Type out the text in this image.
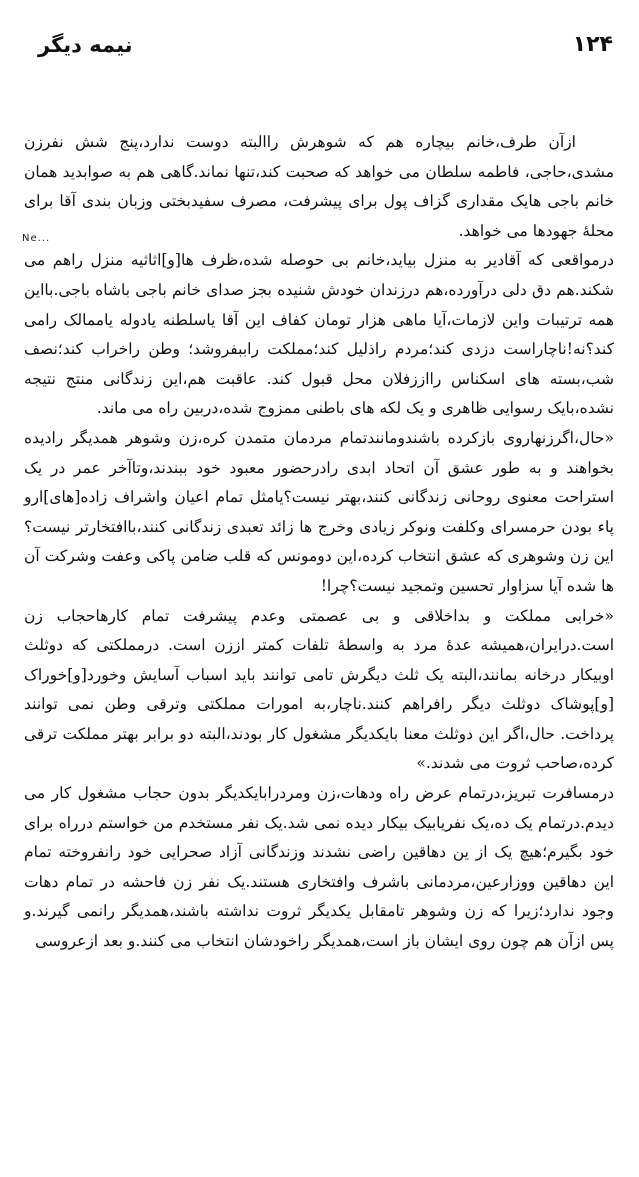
۱۲۴
نیمه دیگر
Ne...

ازآن طرف،خانم بیچاره هم که شوهرش راالبته دوست ندارد،پنج شش نفرزن مشدی،حاجی، فاطمه سلطان می خواهد که صحبت کند،تنها نماند.گاهی هم به صوابدید همان خانم باجی هایک مقداری گزاف پول برای پیشرفت، مصرف سفیدبختی وزبان بندی آقا برای محلهٔ جهودها می خواهد.

درمواقعی که آقادیر به منزل بیاید،خانم بی حوصله شده،ظرف ها[و]اثاثیه منزل راهم می شکند.هم دق دلی درآورده،هم درزندان خودش شنیده بجز صدای خانم باجی باشاه باجی.بااین همه ترتیبات واین لازمات،آیا ماهی هزار تومان کفاف این آقا یاسلطنه یادوله یاممالک رامی کند؟نه!ناچاراست دزدی کند؛مردم راذلیل کند؛مملکت راببفروشد؛ وطن راخراب کند؛نصف شب،بسته های اسکناس رااززفلان محل قبول کند. عاقبت هم،این زندگانی منتج نتیجه نشده،بایک رسوایی ظاهری و یک لکه های باطنی ممزوج شده،دربین راه می ماند.

«حال،اگرزنهاروی بازکرده باشندومانندتمام مردمان متمدن کره،زن وشوهر همدیگر رادیده بخواهند و به طور عشق آن اتحاد ابدی رادرحضور معبود خود ببندند،وتاآخر عمر در یک استراحت معنوی روحانی زندگانی کنند،بهتر نیست؟یامثل تمام اعیان واشراف زاده[های]ارو پاء بودن حرمسرای وکلفت ونوکر زیادی وخرج ها زائد تعبدی زندگانی کنند،باافتخارتر نیست؟این زن وشوهری که عشق انتخاب کرده،این دومونس که قلب ضامن پاکی وعفت وشرکت آن ها شده آیا سزاوار تحسین وتمجید نیست؟چرا!

«خرابی مملکت و بداخلاقی و بی عصمتی وعدم پیشرفت تمام کارهاحجاب زن است.درایران،همیشه عدهٔ مرد به واسطهٔ تلفات کمتر اززن است. درمملکتی که دوثلث اوبیکار درخانه بمانند،البته یک ثلث دیگرش تامی توانند باید اسباب آسایش وخورد[و]خوراک [و]پوشاک دوثلث دیگر رافراهم کنند.ناچار،به امورات مملکتی وترقی وطن نمی توانند پرداخت. حال،اگر این دوثلث معنا بایکدیگر مشغول کار بودند،البته دو برابر بهتر مملکت ترقی کرده،صاحب ثروت می شدند.»

درمسافرت تبریز،درتمام عرض راه ودهات،زن ومردرابایکدیگر بدون حجاب مشغول کار می دیدم.درتمام یک ده،یک نفریابیک بیکار دیده نمی شد.یک نفر مستخدم من خواستم درراه برای خود بگیرم؛هیچ یک از ین دهاقین راضی نشدند وزندگانی آزاد صحرایی خود رانفروخته تمام این دهاقین ووزارعین،مردمانی باشرف وافتخاری هستند.یک نفر زن فاحشه در تمام دهات وجود ندارد؛زیرا که زن وشوهر تامقابل یکدیگر ثروت نداشته باشند،همدیگر رانمی گیرند.و پس ازآن هم چون روی ایشان باز است،همدیگر راخودشان انتخاب می کنند.و بعد ازعروسی
